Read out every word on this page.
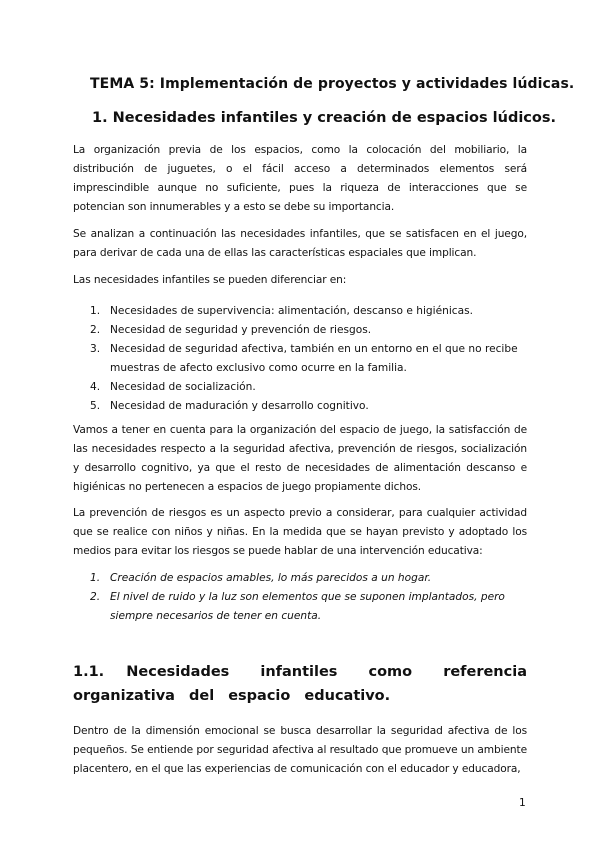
TEMA 5: Implementación de proyectos y actividades lúdicas.
1. Necesidades infantiles y creación de espacios lúdicos.
La organización previa de los espacios, como la colocación del mobiliario, la distribución de juguetes, o el fácil acceso a determinados elementos será imprescindible aunque no suficiente, pues la riqueza de interacciones que se potencian son innumerables y a esto se debe su importancia.
Se analizan a continuación las necesidades infantiles, que se satisfacen en el juego, para derivar de cada una de ellas las características espaciales que implican.
Las necesidades infantiles se pueden diferenciar en:
1. Necesidades de supervivencia: alimentación, descanso e higiénicas.
2. Necesidad de seguridad y prevención de riesgos.
3. Necesidad de seguridad afectiva, también en un entorno en el que no recibe muestras de afecto exclusivo como ocurre en la familia.
4. Necesidad de socialización.
5. Necesidad de maduración y desarrollo cognitivo.
Vamos a tener en cuenta para la organización del espacio de juego, la satisfacción de las necesidades respecto a la seguridad afectiva, prevención de riesgos, socialización y desarrollo cognitivo, ya que el resto de necesidades de alimentación descanso e higiénicas no pertenecen a espacios de juego propiamente dichos.
La prevención de riesgos es un aspecto previo a considerar, para cualquier actividad que se realice con niños y niñas. En la medida que se hayan previsto y adoptado los medios para evitar los riesgos se puede hablar de una intervención educativa:
1. Creación de espacios amables, lo más parecidos a un hogar.
2. El nivel de ruido y la luz son elementos que se suponen implantados, pero siempre necesarios de tener en cuenta.
1.1. Necesidades infantiles como referencia organizativa del espacio educativo.
Dentro de la dimensión emocional se busca desarrollar la seguridad afectiva de los pequeños. Se entiende por seguridad afectiva al resultado que promueve un ambiente placentero, en el que las experiencias de comunicación con el educador y educadora,
1
